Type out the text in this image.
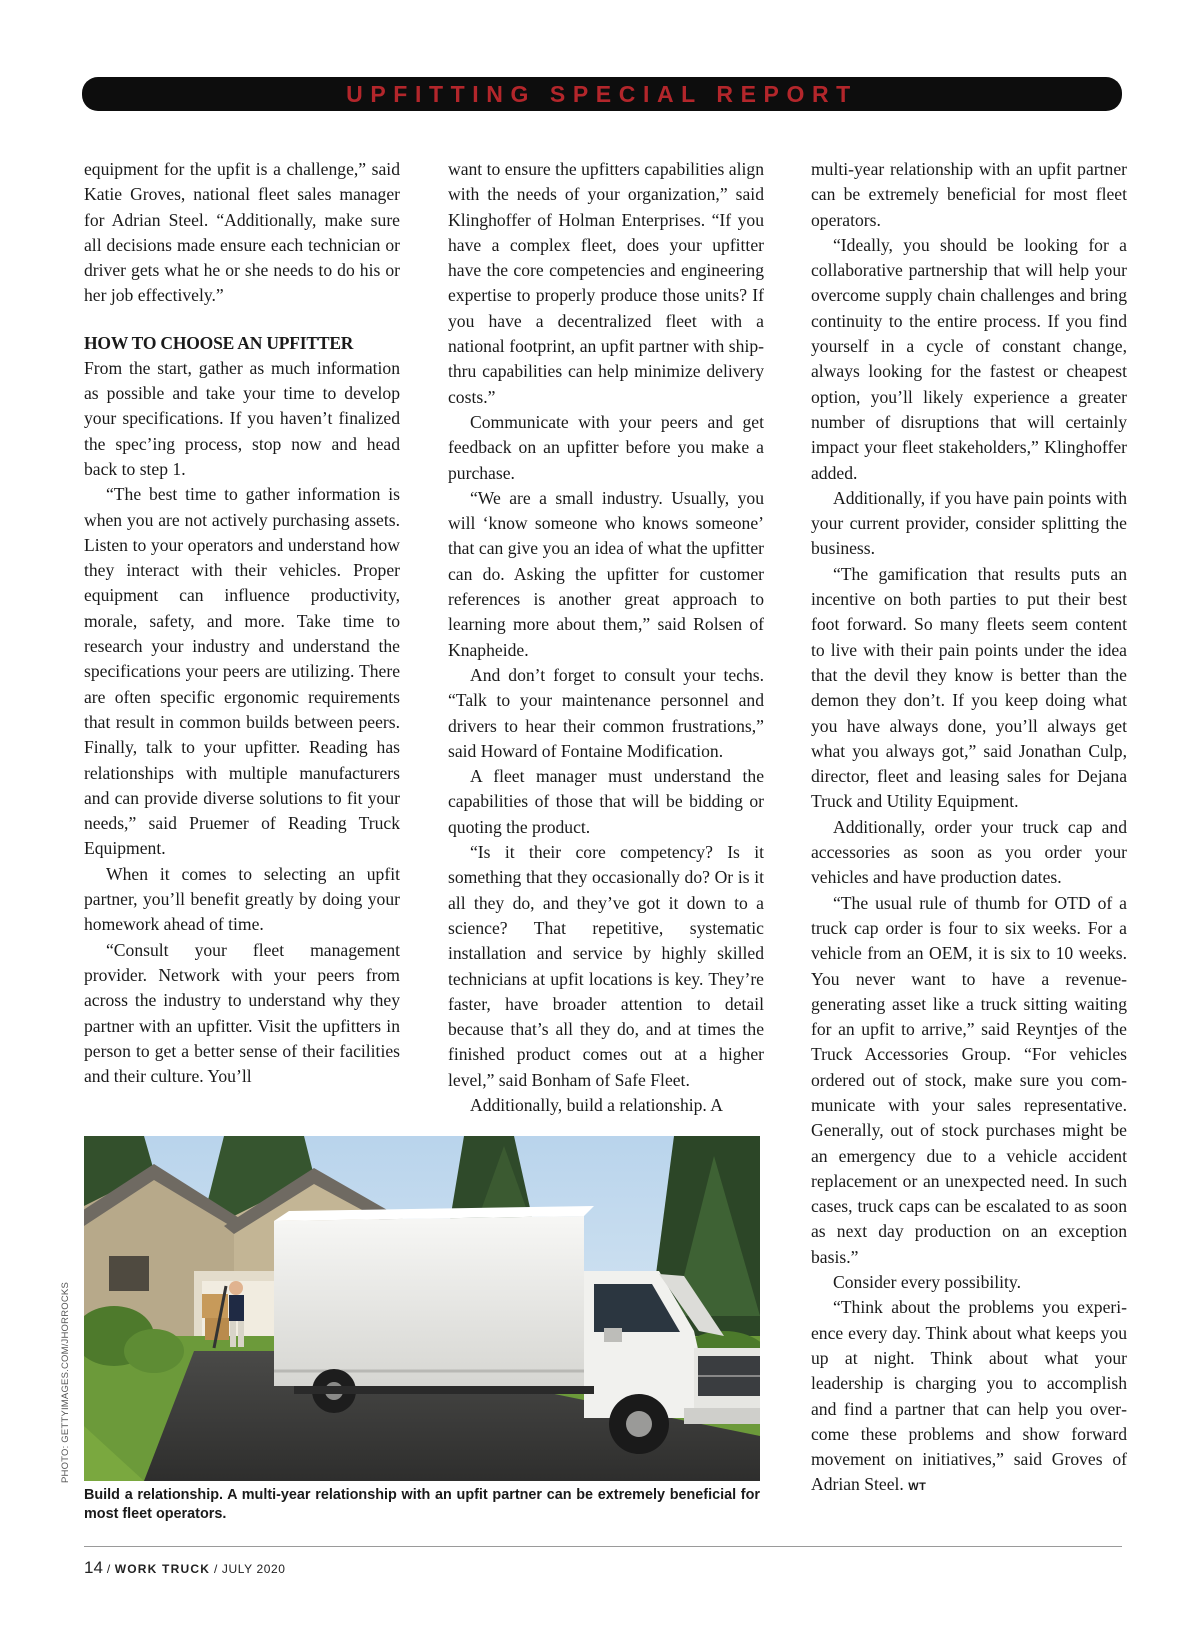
UPFITTING SPECIAL REPORT

equipment for the upfit is a challenge,” said Katie Groves, national fleet sales manager for Adrian Steel. “Additionally, make sure all decisions made ensure each technician or driver gets what he or she needs to do his or her job effectively.”

HOW TO CHOOSE AN UPFITTER

From the start, gather as much information as possible and take your time to develop your specifications. If you haven’t finalized the spec’ing process, stop now and head back to step 1.

“The best time to gather information is when you are not actively purchasing assets. Listen to your operators and understand how they interact with their vehicles. Proper equipment can influence productivity, morale, safety, and more. Take time to research your industry and understand the specifications your peers are utilizing. There are often specific ergonomic requirements that result in common builds between peers. Finally, talk to your upfitter. Reading has relationships with multiple manufacturers and can provide diverse solutions to fit your needs,” said Pruemer of Reading Truck Equipment.

When it comes to selecting an upfit partner, you’ll benefit greatly by doing your homework ahead of time.

“Consult your fleet management provider. Network with your peers from across the industry to understand why they partner with an upfitter. Visit the upfitters in person to get a better sense of their facilities and their culture. You’ll

want to ensure the upfitters capabilities align with the needs of your organization,” said Klinghoffer of Holman Enterprises. “If you have a complex fleet, does your upfitter have the core competencies and engineering expertise to properly produce those units? If you have a decentralized fleet with a national footprint, an upfit partner with ship-thru capabilities can help minimize delivery costs.”

Communicate with your peers and get feedback on an upfitter before you make a purchase.

“We are a small industry. Usually, you will ‘know someone who knows someone’ that can give you an idea of what the upfitter can do. Asking the upfitter for customer references is another great approach to learning more about them,” said Rolsen of Knapheide.

And don’t forget to consult your techs. “Talk to your maintenance personnel and drivers to hear their common frustrations,” said Howard of Fontaine Modification.

A fleet manager must understand the capabilities of those that will be bidding or quoting the product.

“Is it their core competency? Is it something that they occasionally do? Or is it all they do, and they’ve got it down to a science? That repetitive, systematic installation and service by highly skilled technicians at upfit locations is key. They’re faster, have broader attention to detail because that’s all they do, and at times the finished product comes out at a higher level,” said Bonham of Safe Fleet.

Additionally, build a relationship. A

multi-year relationship with an upfit partner can be extremely beneficial for most fleet operators.

“Ideally, you should be looking for a collaborative partnership that will help your overcome supply chain challenges and bring continuity to the entire process. If you find yourself in a cycle of constant change, always looking for the fastest or cheapest option, you’ll likely experience a greater number of disruptions that will certainly impact your fleet stakeholders,” Klinghoffer added.

Additionally, if you have pain points with your current provider, consider splitting the business.

“The gamification that results puts an incentive on both parties to put their best foot forward. So many fleets seem content to live with their pain points under the idea that the devil they know is better than the demon they don’t. If you keep doing what you have always done, you’ll always get what you always got,” said Jonathan Culp, director, fleet and leasing sales for Dejana Truck and Utility Equipment.

Additionally, order your truck cap and accessories as soon as you order your vehicles and have production dates.

“The usual rule of thumb for OTD of a truck cap order is four to six weeks. For a vehicle from an OEM, it is six to 10 weeks. You never want to have a revenue-generating asset like a truck sitting waiting for an upfit to arrive,” said Reyntjes of the Truck Accessories Group. “For vehicles ordered out of stock, make sure you communicate with your sales representative. Generally, out of stock purchases might be an emergency due to a vehicle accident replacement or an unexpected need. In such cases, truck caps can be escalated to as soon as next day production on an exception basis.”

Consider every possibility.

“Think about the problems you experience every day. Think about what keeps you up at night. Think about what your leadership is charging you to accomplish and find a partner that can help you overcome these problems and show forward movement on initiatives,” said Groves of Adrian Steel. WT

PHOTO: GETTYIMAGES.COM/JHORROCKS
Build a relationship. A multi-year relationship with an upfit partner can be extremely beneficial for most fleet operators.
14 / WORK TRUCK / JULY 2020
